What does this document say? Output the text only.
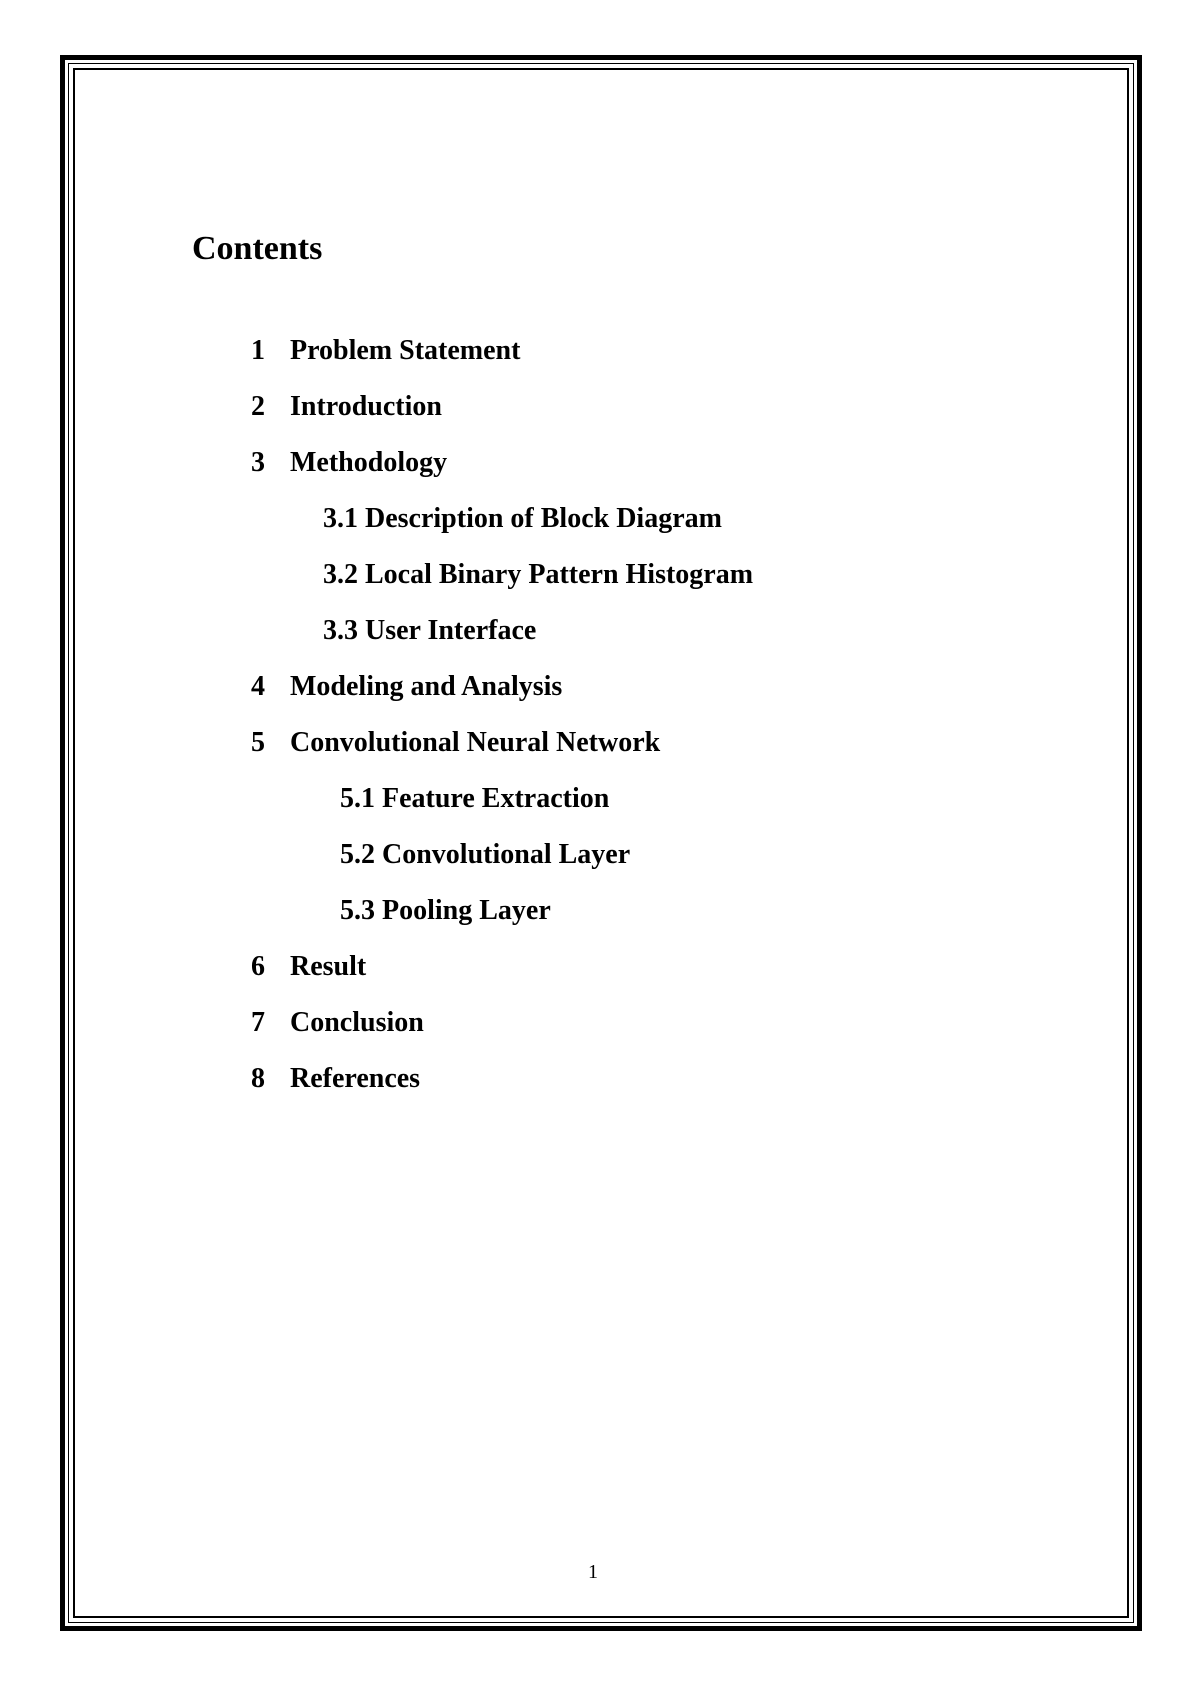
Contents
1 Problem Statement
2 Introduction
3 Methodology
3.1 Description of Block Diagram
3.2 Local Binary Pattern Histogram
3.3 User Interface
4 Modeling and Analysis
5 Convolutional Neural Network
5.1 Feature Extraction
5.2 Convolutional Layer
5.3 Pooling Layer
6 Result
7 Conclusion
8 References
1
